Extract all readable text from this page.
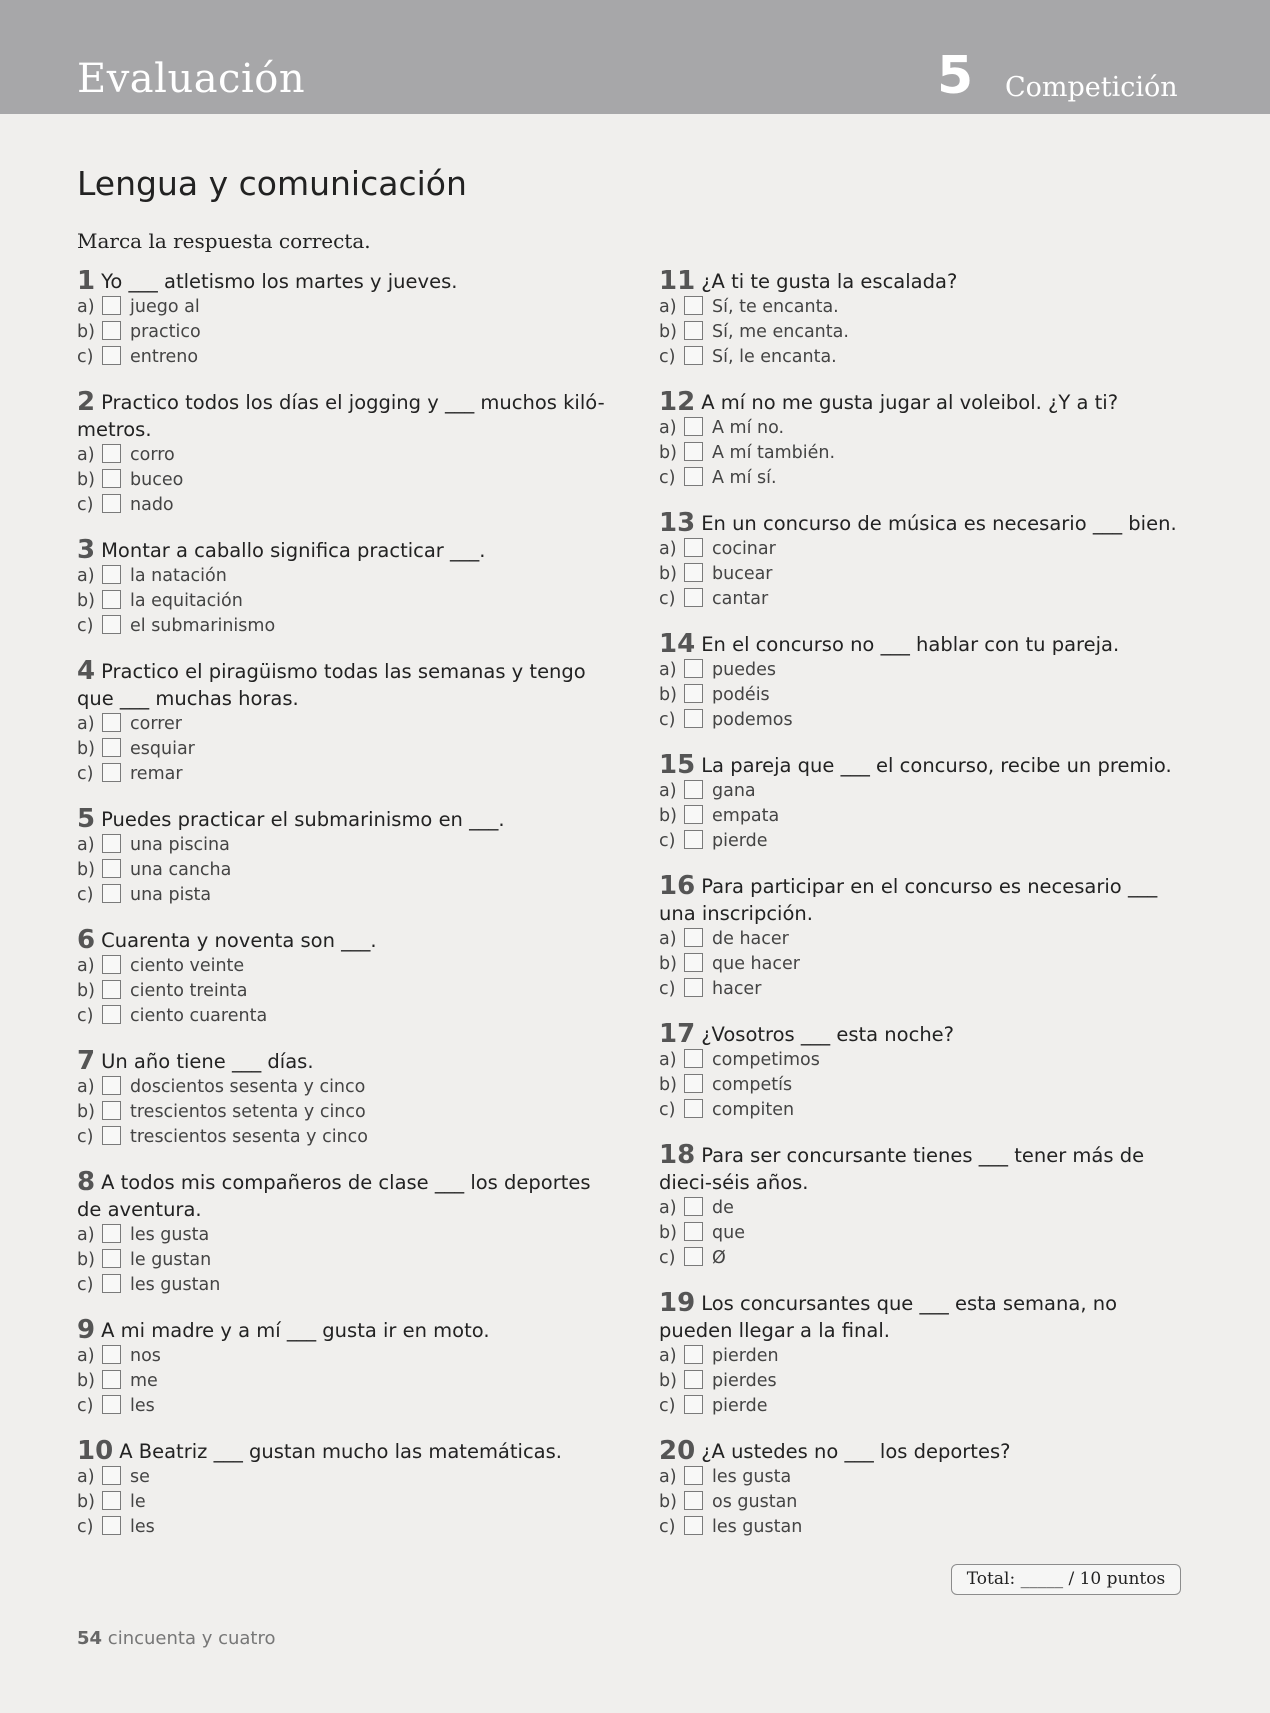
Evaluación	5 Competición
Lengua y comunicación
Marca la respuesta correcta.
1 Yo ___ atletismo los martes y jueves.
a) juego al
b) practico
c) entreno
2 Practico todos los días el jogging y ___ muchos kiló-metros.
a) corro
b) buceo
c) nado
3 Montar a caballo significa practicar ___.
a) la natación
b) la equitación
c) el submarinismo
4 Practico el piragüismo todas las semanas y tengo que ___ muchas horas.
a) correr
b) esquiar
c) remar
5 Puedes practicar el submarinismo en ___.
a) una piscina
b) una cancha
c) una pista
6 Cuarenta y noventa son ___.
a) ciento veinte
b) ciento treinta
c) ciento cuarenta
7 Un año tiene ___ días.
a) doscientos sesenta y cinco
b) trescientos setenta y cinco
c) trescientos sesenta y cinco
8 A todos mis compañeros de clase ___ los deportes de aventura.
a) les gusta
b) le gustan
c) les gustan
9 A mi madre y a mí ___ gusta ir en moto.
a) nos
b) me
c) les
10 A Beatriz ___ gustan mucho las matemáticas.
a) se
b) le
c) les
11 ¿A ti te gusta la escalada?
a) Sí, te encanta.
b) Sí, me encanta.
c) Sí, le encanta.
12 A mí no me gusta jugar al voleibol. ¿Y a ti?
a) A mí no.
b) A mí también.
c) A mí sí.
13 En un concurso de música es necesario ___ bien.
a) cocinar
b) bucear
c) cantar
14 En el concurso no ___ hablar con tu pareja.
a) puedes
b) podéis
c) podemos
15 La pareja que ___ el concurso, recibe un premio.
a) gana
b) empata
c) pierde
16 Para participar en el concurso es necesario ___ una inscripción.
a) de hacer
b) que hacer
c) hacer
17 ¿Vosotros ___ esta noche?
a) competimos
b) competís
c) compiten
18 Para ser concursante tienes ___ tener más de dieci-séis años.
a) de
b) que
c) Ø
19 Los concursantes que ___ esta semana, no pueden llegar a la final.
a) pierden
b) pierdes
c) pierde
20 ¿A ustedes no ___ los deportes?
a) les gusta
b) os gustan
c) les gustan
Total: _____ / 10 puntos
54 cincuenta y cuatro
